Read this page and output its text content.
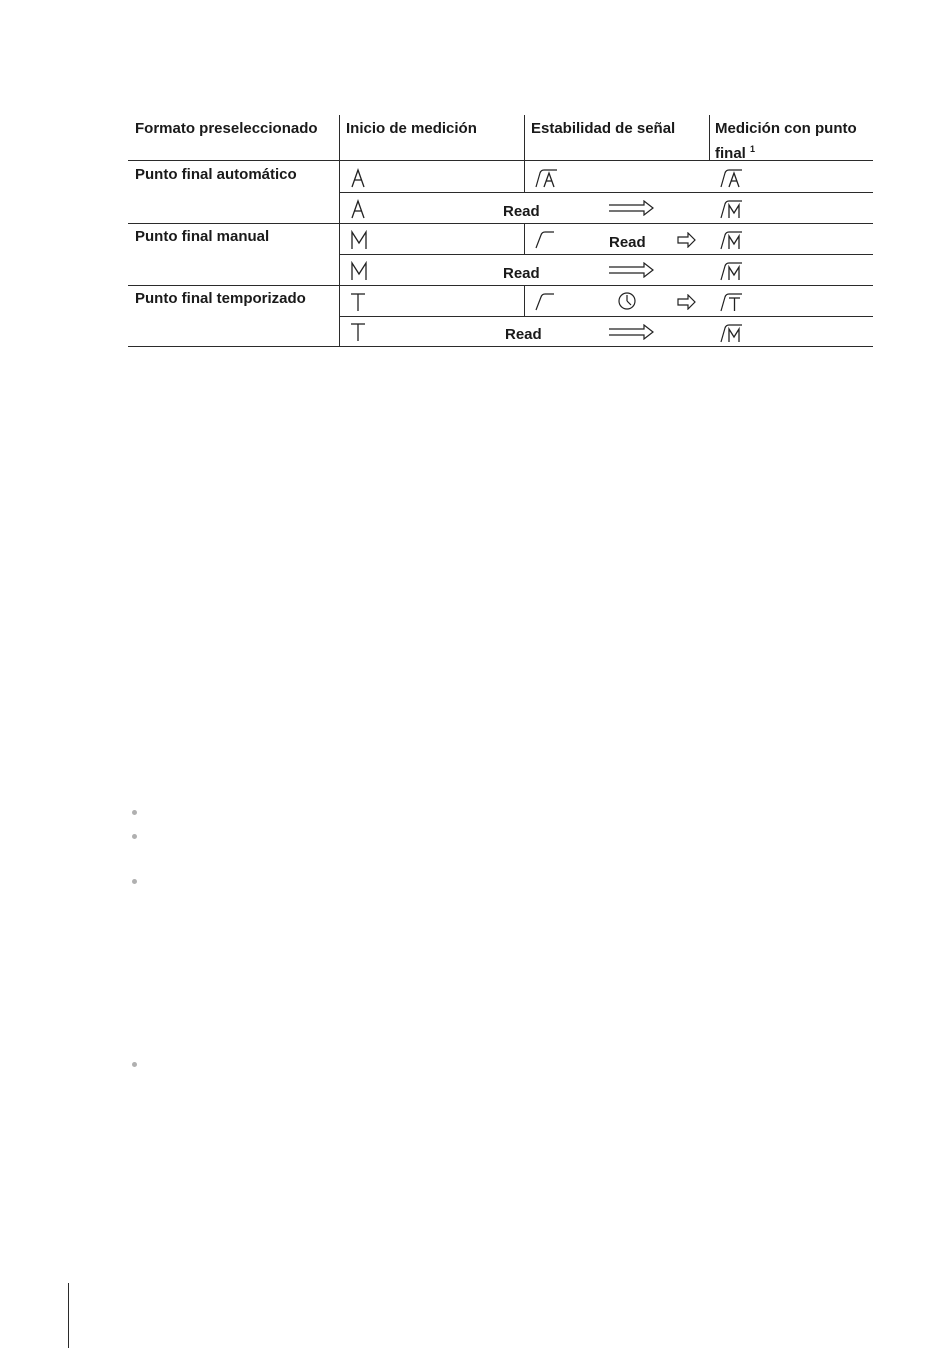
Formato preseleccionado Inicio de medición	Estabilidad de señal	Medición con punto
final $^1$
Punto final automático
Punto final manual
Punto final temporizado
Read
Read
Read
Read
